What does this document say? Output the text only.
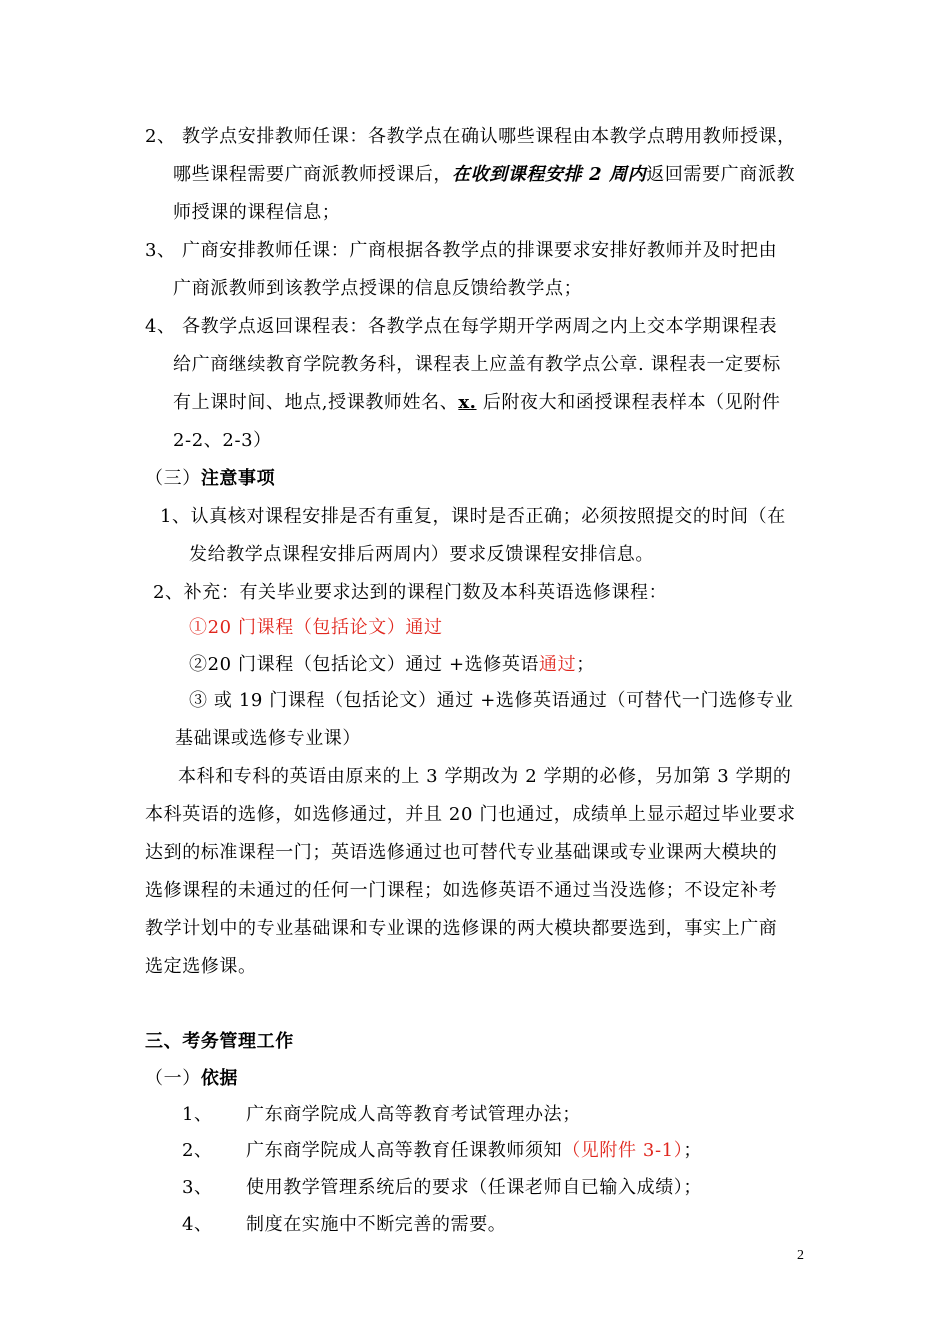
2、 教学点安排教师任课：各教学点在确认哪些课程由本教学点聘用教师授课，
哪些课程需要广商派教师授课后，在收到课程安排 2 周内返回需要广商派教
师授课的课程信息；
3、 广商安排教师任课：广商根据各教学点的排课要求安排好教师并及时把由
广商派教师到该教学点授课的信息反馈给教学点；
4、 各教学点返回课程表：各教学点在每学期开学两周之内上交本学期课程表
给广商继续教育学院教务科，课程表上应盖有教学点公章. 课程表一定要标
有上课时间、地点,授课教师姓名、x. 后附夜大和函授课程表样本（见附件
2-2、2-3）
（三）注意事项
1、认真核对课程安排是否有重复，课时是否正确；必须按照提交的时间（在
发给教学点课程安排后两周内）要求反馈课程安排信息。
2、补充：有关毕业要求达到的课程门数及本科英语选修课程：
①20 门课程（包括论文）通过
②20 门课程（包括论文）通过 +选修英语通过；
③ 或 19 门课程（包括论文）通过 +选修英语通过（可替代一门选修专业
基础课或选修专业课）
本科和专科的英语由原来的上 3 学期改为 2 学期的必修，另加第 3 学期的
本科英语的选修，如选修通过，并且 20 门也通过，成绩单上显示超过毕业要求
达到的标准课程一门；英语选修通过也可替代专业基础课或专业课两大模块的
选修课程的未通过的任何一门课程；如选修英语不通过当没选修；不设定补考
教学计划中的专业基础课和专业课的选修课的两大模块都要选到，事实上广商
选定选修课。
三、考务管理工作
（一）依据
1、 广东商学院成人高等教育考试管理办法；
2、 广东商学院成人高等教育任课教师须知（见附件 3-1）；
3、 使用教学管理系统后的要求（任课老师自已输入成绩）；
4、 制度在实施中不断完善的需要。
2
